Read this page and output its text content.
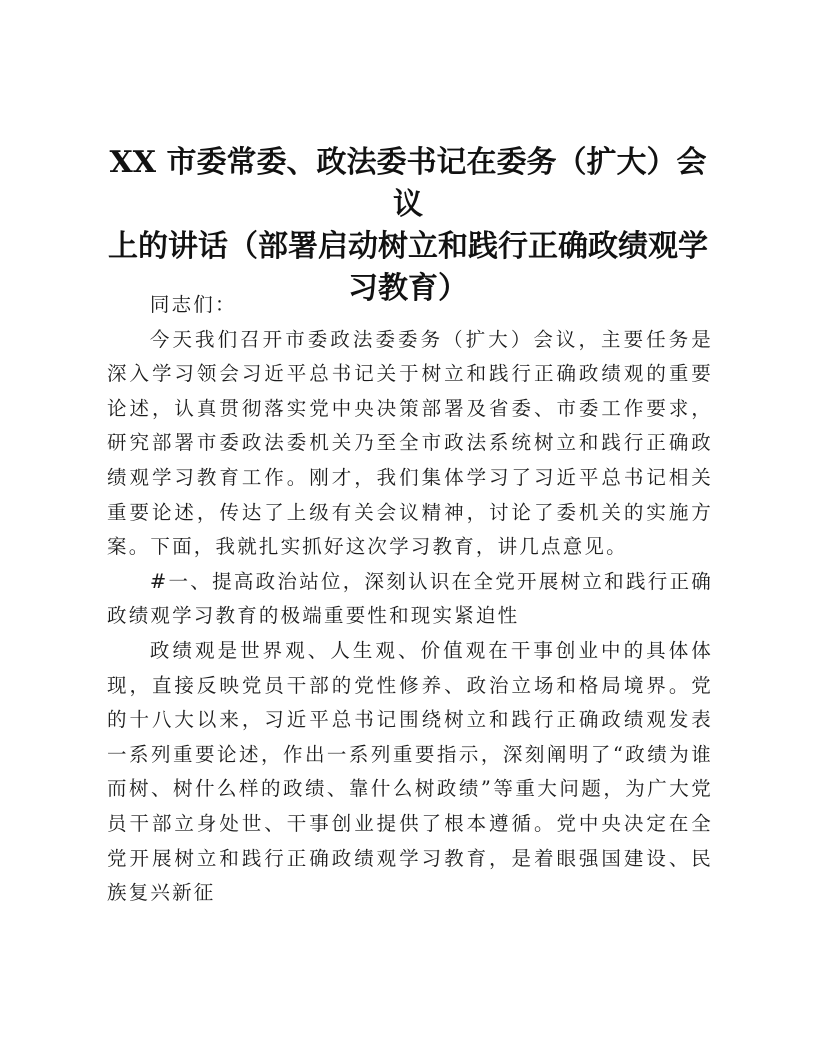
XX 市委常委、政法委书记在委务（扩大）会议
上的讲话（部署启动树立和践行正确政绩观学
习教育）

同志们：

今天我们召开市委政法委委务（扩大）会议，主要任务是深入学习领会习近平总书记关于树立和践行正确政绩观的重要论述，认真贯彻落实党中央决策部署及省委、市委工作要求，研究部署市委政法委机关乃至全市政法系统树立和践行正确政绩观学习教育工作。刚才，我们集体学习了习近平总书记相关重要论述，传达了上级有关会议精神，讨论了委机关的实施方案。下面，我就扎实抓好这次学习教育，讲几点意见。

#一、提高政治站位，深刻认识在全党开展树立和践行正确政绩观学习教育的极端重要性和现实紧迫性

政绩观是世界观、人生观、价值观在干事创业中的具体体现，直接反映党员干部的党性修养、政治立场和格局境界。党的十八大以来，习近平总书记围绕树立和践行正确政绩观发表一系列重要论述，作出一系列重要指示，深刻阐明了“政绩为谁而树、树什么样的政绩、靠什么树政绩”等重大问题，为广大党员干部立身处世、干事创业提供了根本遵循。党中央决定在全党开展树立和践行正确政绩观学习教育，是着眼强国建设、民族复兴新征
